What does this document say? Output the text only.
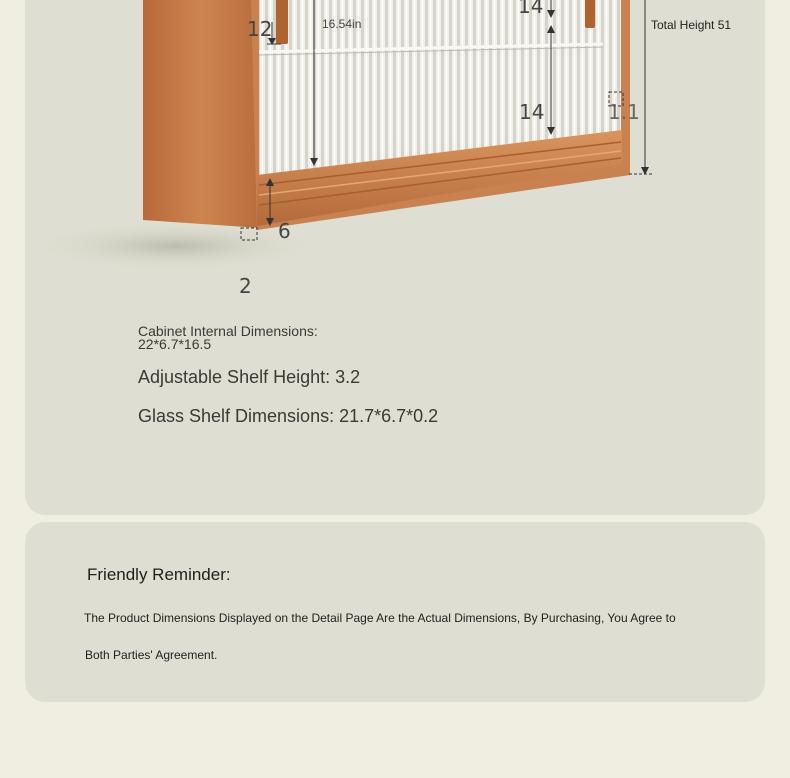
12	16.54in
14
14	1.1
6
2
Total Height 51
Cabinet Internal Dimensions:
22*6.7*16.5
Adjustable Shelf Height: 3.2
Glass Shelf Dimensions: 21.7*6.7*0.2
Friendly Reminder:
The Product Dimensions Displayed on the Detail Page Are the Actual Dimensions, By Purchasing, You Agree to
Both Parties' Agreement.
